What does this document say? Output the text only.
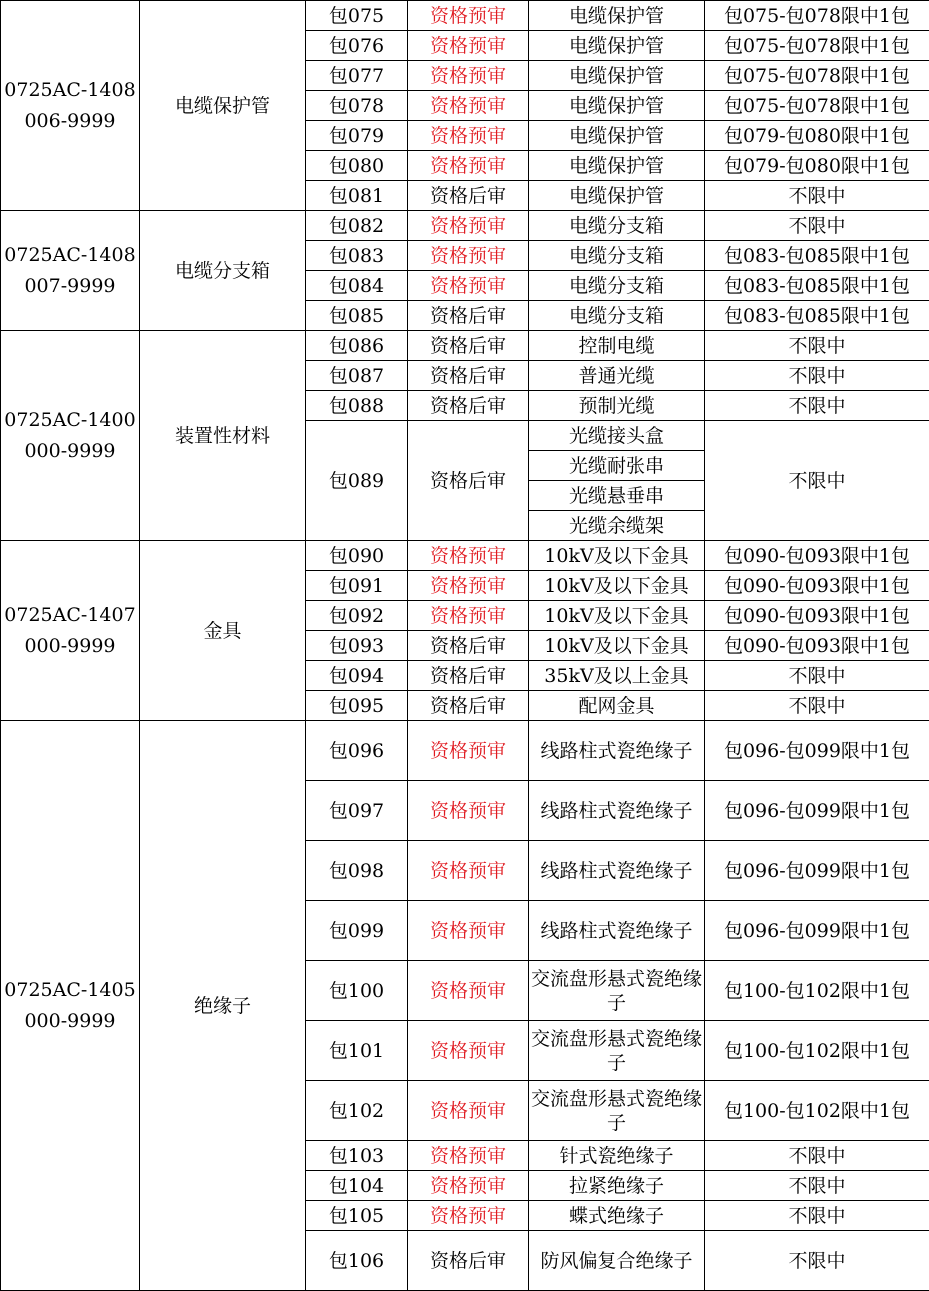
0725AC-1408006-9999	电缆保护管	包075	资格预审	电缆保护管	包075-包078限中1包
		包076	资格预审	电缆保护管	包075-包078限中1包
		包077	资格预审	电缆保护管	包075-包078限中1包
		包078	资格预审	电缆保护管	包075-包078限中1包
		包079	资格预审	电缆保护管	包079-包080限中1包
		包080	资格预审	电缆保护管	包079-包080限中1包
		包081	资格后审	电缆保护管	不限中
0725AC-1408007-9999	电缆分支箱	包082	资格预审	电缆分支箱	不限中
		包083	资格预审	电缆分支箱	包083-包085限中1包
		包084	资格预审	电缆分支箱	包083-包085限中1包
		包085	资格后审	电缆分支箱	包083-包085限中1包
0725AC-1400000-9999	装置性材料	包086	资格后审	控制电缆	不限中
		包087	资格后审	普通光缆	不限中
		包088	资格后审	预制光缆	不限中
		包089	资格后审	光缆接头盒	不限中
				光缆耐张串	
				光缆悬垂串	
				光缆余缆架	
0725AC-1407000-9999	金具	包090	资格预审	10kV及以下金具	包090-包093限中1包
		包091	资格预审	10kV及以下金具	包090-包093限中1包
		包092	资格预审	10kV及以下金具	包090-包093限中1包
		包093	资格后审	10kV及以下金具	包090-包093限中1包
		包094	资格后审	35kV及以上金具	不限中
		包095	资格后审	配网金具	不限中
0725AC-1405000-9999	绝缘子	包096	资格预审	线路柱式瓷绝缘子	包096-包099限中1包
		包097	资格预审	线路柱式瓷绝缘子	包096-包099限中1包
		包098	资格预审	线路柱式瓷绝缘子	包096-包099限中1包
		包099	资格预审	线路柱式瓷绝缘子	包096-包099限中1包
		包100	资格预审	交流盘形悬式瓷绝缘子	包100-包102限中1包
		包101	资格预审	交流盘形悬式瓷绝缘子	包100-包102限中1包
		包102	资格预审	交流盘形悬式瓷绝缘子	包100-包102限中1包
		包103	资格预审	针式瓷绝缘子	不限中
		包104	资格预审	拉紧绝缘子	不限中
		包105	资格预审	蝶式绝缘子	不限中
		包106	资格后审	防风偏复合绝缘子	不限中
